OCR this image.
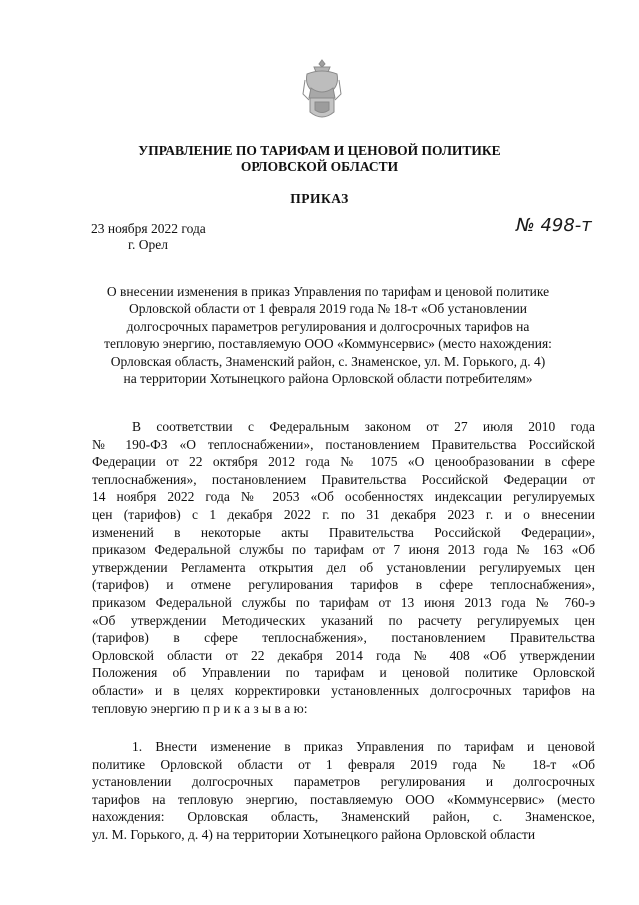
УПРАВЛЕНИЕ ПО ТАРИФАМ И ЦЕНОВОЙ ПОЛИТИКЕ
ОРЛОВСКОЙ ОБЛАСТИ
ПРИКАЗ
23 ноября 2022 года
г. Орел
№ 498-т
О внесении изменения в приказ Управления по тарифам и ценовой политике
Орловской области от 1 февраля 2019 года № 18-т «Об установлении
долгосрочных параметров регулирования и долгосрочных тарифов на
тепловую энергию, поставляемую ООО «Коммунсервис» (место нахождения:
Орловская область, Знаменский район, с. Знаменское, ул. М. Горького, д. 4)
на территории Хотынецкого района Орловской области потребителям»
В соответствии с Федеральным законом от 27 июля 2010 года
№ 190-ФЗ «О теплоснабжении», постановлением Правительства Российской
Федерации от 22 октября 2012 года № 1075 «О ценообразовании в сфере
теплоснабжения», постановлением Правительства Российской Федерации от
14 ноября 2022 года № 2053 «Об особенностях индексации регулируемых
цен (тарифов) с 1 декабря 2022 г. по 31 декабря 2023 г. и о внесении
изменений в некоторые акты Правительства Российской Федерации»,
приказом Федеральной службы по тарифам от 7 июня 2013 года № 163 «Об
утверждении Регламента открытия дел об установлении регулируемых цен
(тарифов) и отмене регулирования тарифов в сфере теплоснабжения»,
приказом Федеральной службы по тарифам от 13 июня 2013 года № 760-э
«Об утверждении Методических указаний по расчету регулируемых цен
(тарифов) в сфере теплоснабжения», постановлением Правительства
Орловской области от 22 декабря 2014 года № 408 «Об утверждении
Положения об Управлении по тарифам и ценовой политике Орловской
области» и в целях корректировки установленных долгосрочных тарифов на
тепловую энергию п р и к а з ы в а ю:
1. Внести изменение в приказ Управления по тарифам и ценовой
политике Орловской области от 1 февраля 2019 года № 18-т «Об
установлении долгосрочных параметров регулирования и долгосрочных
тарифов на тепловую энергию, поставляемую ООО «Коммунсервис» (место
нахождения: Орловская область, Знаменский район, с. Знаменское,
ул. М. Горького, д. 4) на территории Хотынецкого района Орловской области
